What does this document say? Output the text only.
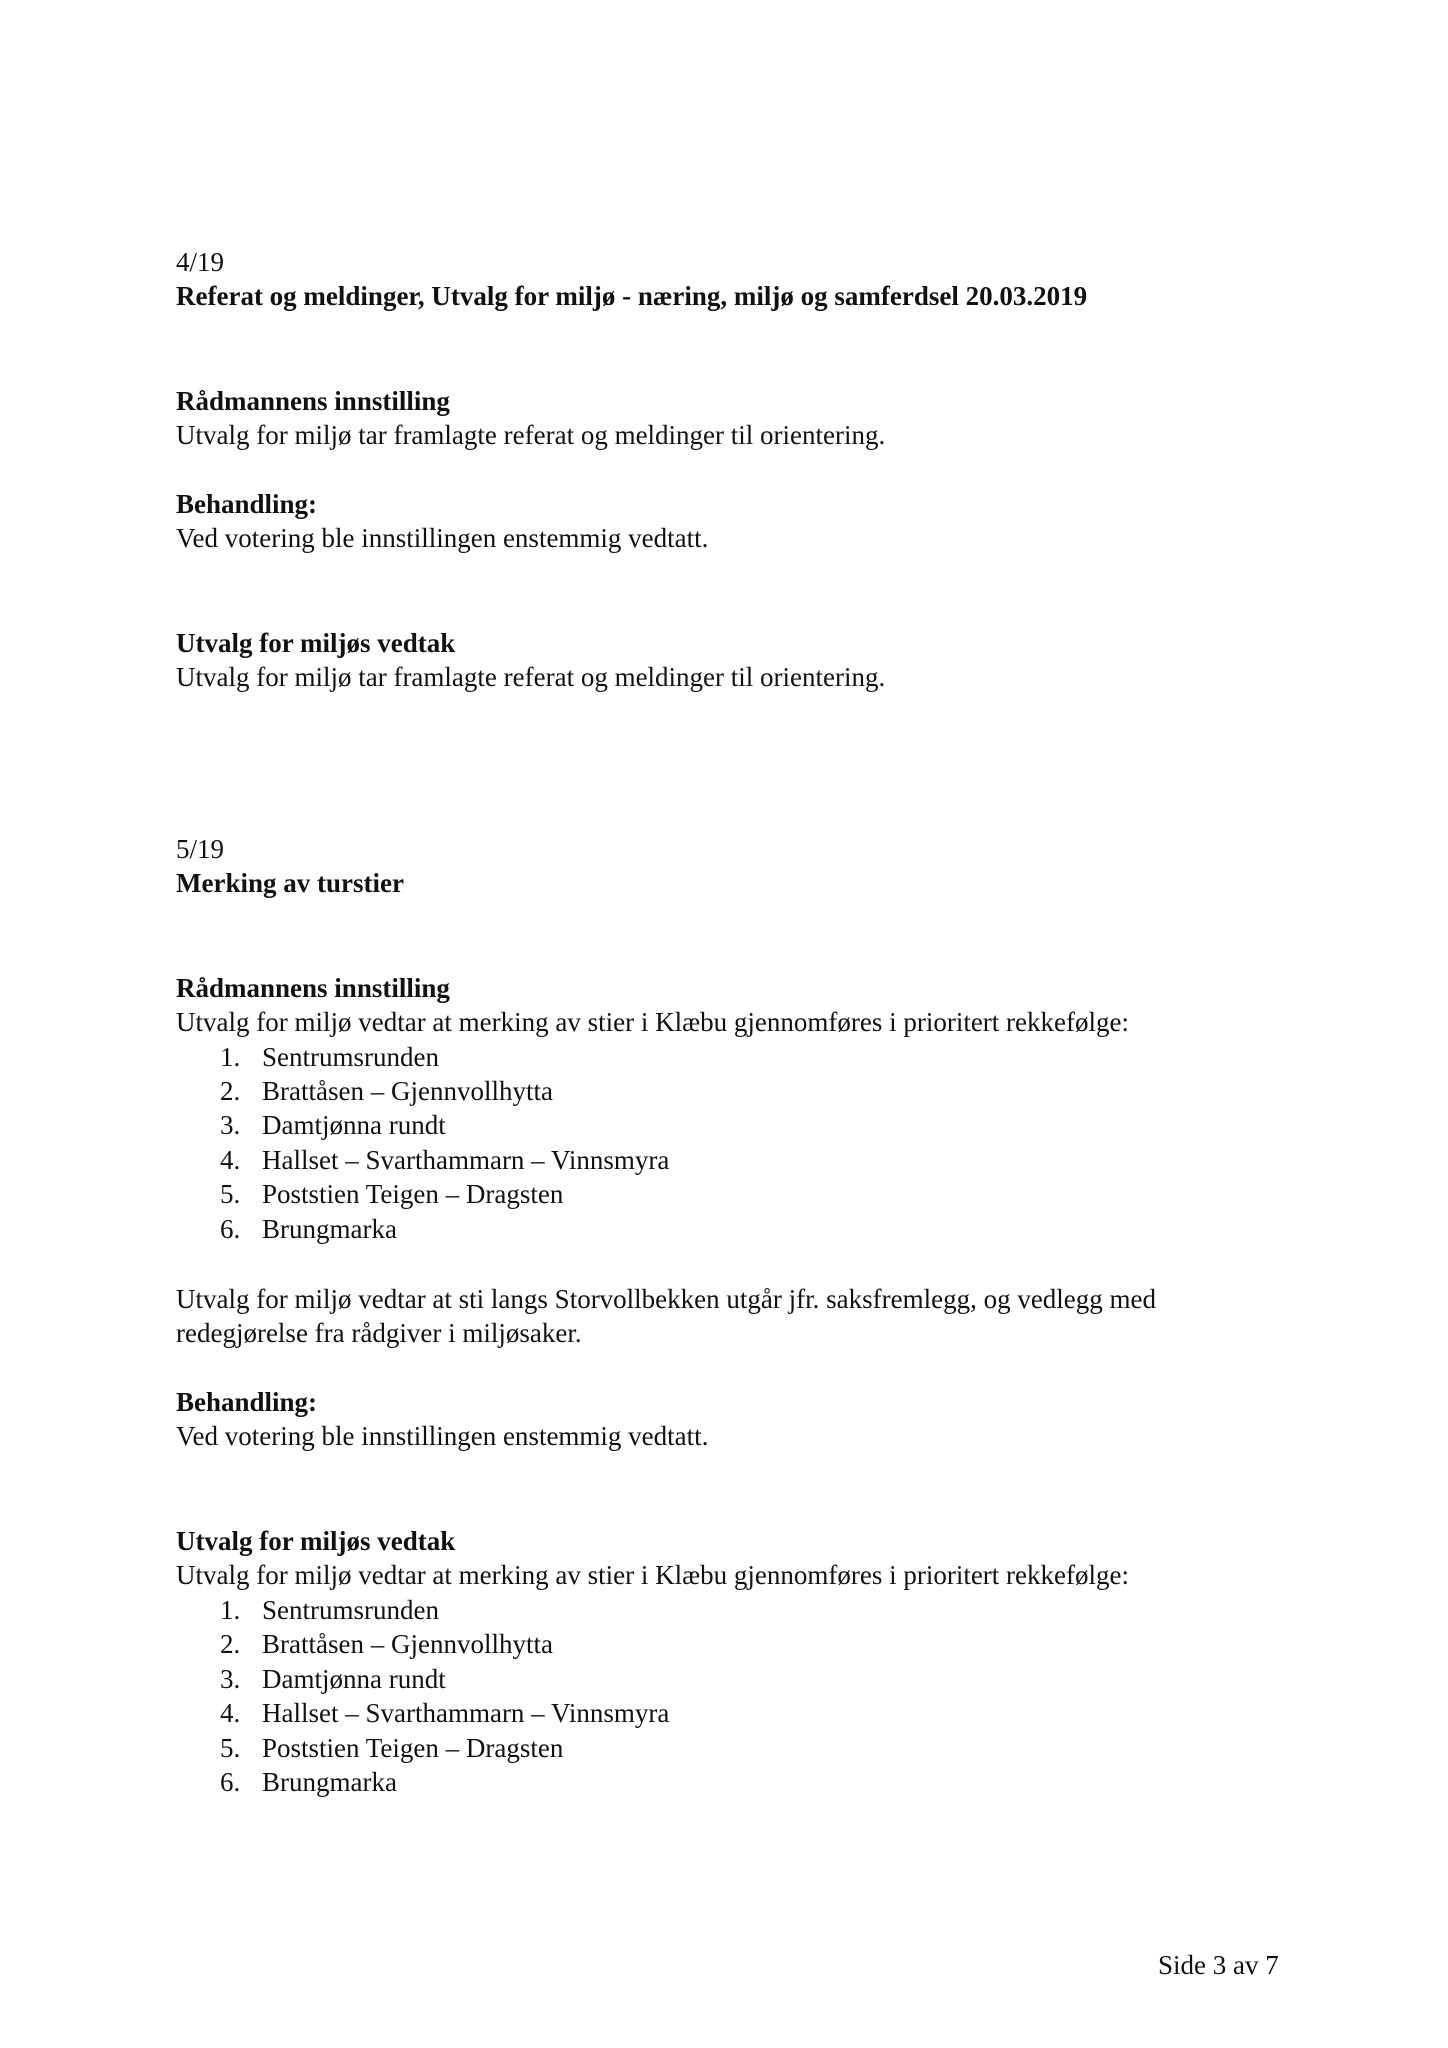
4/19
Referat og meldinger, Utvalg for miljø - næring, miljø og samferdsel 20.03.2019
Rådmannens innstilling
Utvalg for miljø tar framlagte referat og meldinger til orientering.
Behandling:
Ved votering ble innstillingen enstemmig vedtatt.
Utvalg for miljøs vedtak
Utvalg for miljø tar framlagte referat og meldinger til orientering.
5/19
Merking av turstier
Rådmannens innstilling
Utvalg for miljø vedtar at merking av stier i Klæbu gjennomføres i prioritert rekkefølge:
1. Sentrumsrunden
2. Brattåsen – Gjennvollhytta
3. Damtjønna rundt
4. Hallset – Svarthammarn – Vinnsmyra
5. Poststien Teigen – Dragsten
6. Brungmarka
Utvalg for miljø vedtar at sti langs Storvollbekken utgår jfr. saksfremlegg, og vedlegg med
redegjørelse fra rådgiver i miljøsaker.
Behandling:
Ved votering ble innstillingen enstemmig vedtatt.
Utvalg for miljøs vedtak
Utvalg for miljø vedtar at merking av stier i Klæbu gjennomføres i prioritert rekkefølge:
1. Sentrumsrunden
2. Brattåsen – Gjennvollhytta
3. Damtjønna rundt
4. Hallset – Svarthammarn – Vinnsmyra
5. Poststien Teigen – Dragsten
6. Brungmarka
Side 3 av 7
